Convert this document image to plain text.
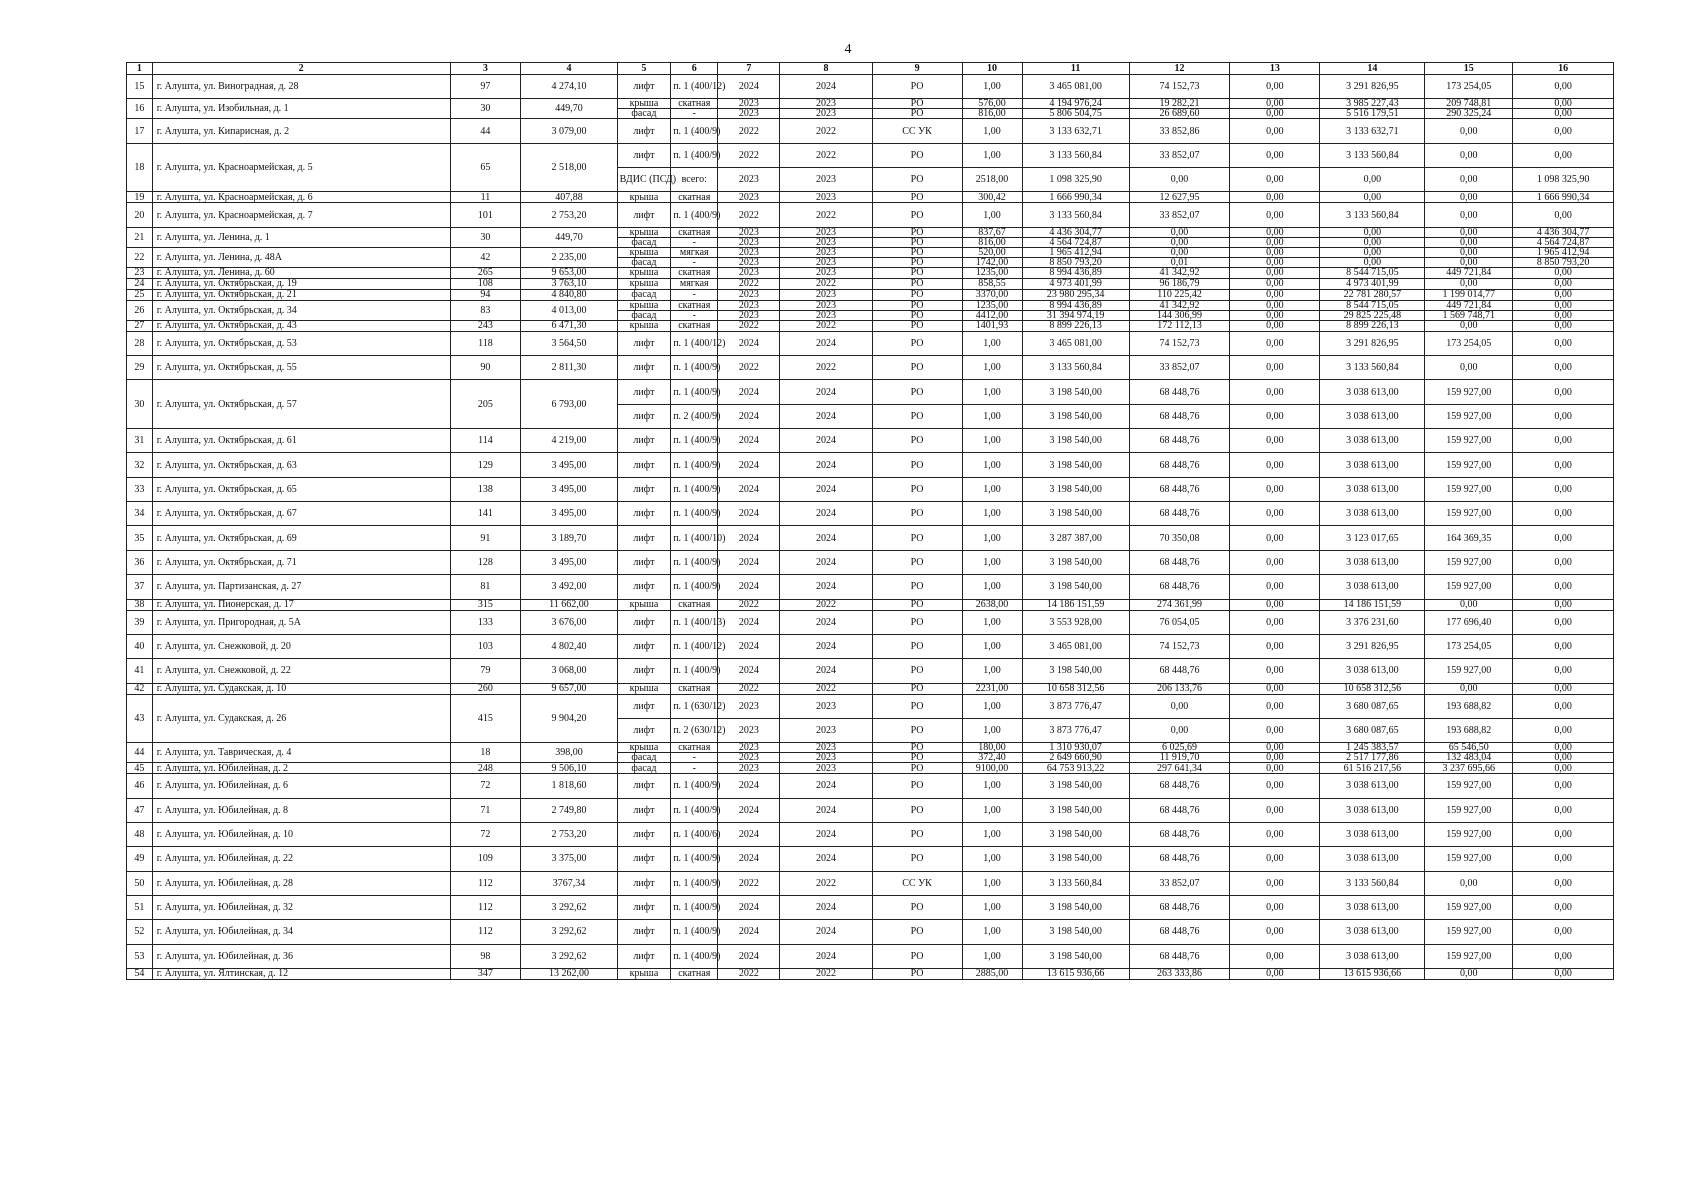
4
1	2	3	4	5	6	7	8	9	10	11	12	13	14	15	16
15	г. Алушта, ул. Виноградная, д. 28	97	4 274,10	лифт	п. 1 (400/12)	2024	2024	РО	1,00	3 465 081,00	74 152,73	0,00	3 291 826,95	173 254,05	0,00
16	г. Алушта, ул. Изобильная, д. 1	30	449,70	крыша	скатная	2023	2023	РО	576,00	4 194 976,24	19 282,21	0,00	3 985 227,43	209 748,81	0,00
				фасад	-	2023	2023	РО	816,00	5 806 504,75	26 689,60	0,00	5 516 179,51	290 325,24	0,00
17	г. Алушта, ул. Кипарисная, д. 2	44	3 079,00	лифт	п. 1 (400/9)	2022	2022	СС УК	1,00	3 133 632,71	33 852,86	0,00	3 133 632,71	0,00	0,00
18	г. Алушта, ул. Красноармейская, д. 5	65	2 518,00	лифт	п. 1 (400/9)	2022	2022	РО	1,00	3 133 560,84	33 852,07	0,00	3 133 560,84	0,00	0,00
				ВДИС (ПСД)	всего:	2023	2023	РО	2518,00	1 098 325,90	0,00	0,00	0,00	0,00	1 098 325,90
19	г. Алушта, ул. Красноармейская, д. 6	11	407,88	крыша	скатная	2023	2023	РО	300,42	1 666 990,34	12 627,95	0,00	0,00	0,00	1 666 990,34
20	г. Алушта, ул. Красноармейская, д. 7	101	2 753,20	лифт	п. 1 (400/9)	2022	2022	РО	1,00	3 133 560,84	33 852,07	0,00	3 133 560,84	0,00	0,00
21	г. Алушта, ул. Ленина, д. 1	30	449,70	крыша	скатная	2023	2023	РО	837,67	4 436 304,77	0,00	0,00	0,00	0,00	4 436 304,77
				фасад	-	2023	2023	РО	816,00	4 564 724,87	0,00	0,00	0,00	0,00	4 564 724,87
22	г. Алушта, ул. Ленина, д. 48А	42	2 235,00	крыша	мягкая	2023	2023	РО	520,00	1 965 412,94	0,00	0,00	0,00	0,00	1 965 412,94
				фасад	-	2023	2023	РО	1742,00	8 850 793,20	0,01	0,00	0,00	0,00	8 850 793,20
23	г. Алушта, ул. Ленина, д. 60	265	9 653,00	крыша	скатная	2023	2023	РО	1235,00	8 994 436,89	41 342,92	0,00	8 544 715,05	449 721,84	0,00
24	г. Алушта, ул. Октябрьская, д. 19	108	3 763,10	крыша	мягкая	2022	2022	РО	858,55	4 973 401,99	96 186,79	0,00	4 973 401,99	0,00	0,00
25	г. Алушта, ул. Октябрьская, д. 21	94	4 840,80	фасад	-	2023	2023	РО	3370,00	23 980 295,34	110 225,42	0,00	22 781 280,57	1 199 014,77	0,00
26	г. Алушта, ул. Октябрьская, д. 34	83	4 013,00	крыша	скатная	2023	2023	РО	1235,00	8 994 436,89	41 342,92	0,00	8 544 715,05	449 721,84	0,00
				фасад	-	2023	2023	РО	4412,00	31 394 974,19	144 306,99	0,00	29 825 225,48	1 569 748,71	0,00
27	г. Алушта, ул. Октябрьская, д. 43	243	6 471,30	крыша	скатная	2022	2022	РО	1401,93	8 899 226,13	172 112,13	0,00	8 899 226,13	0,00	0,00
28	г. Алушта, ул. Октябрьская, д. 53	118	3 564,50	лифт	п. 1 (400/12)	2024	2024	РО	1,00	3 465 081,00	74 152,73	0,00	3 291 826,95	173 254,05	0,00
29	г. Алушта, ул. Октябрьская, д. 55	90	2 811,30	лифт	п. 1 (400/9)	2022	2022	РО	1,00	3 133 560,84	33 852,07	0,00	3 133 560,84	0,00	0,00
30	г. Алушта, ул. Октябрьская, д. 57	205	6 793,00	лифт	п. 1 (400/9)	2024	2024	РО	1,00	3 198 540,00	68 448,76	0,00	3 038 613,00	159 927,00	0,00
				лифт	п. 2 (400/9)	2024	2024	РО	1,00	3 198 540,00	68 448,76	0,00	3 038 613,00	159 927,00	0,00
31	г. Алушта, ул. Октябрьская, д. 61	114	4 219,00	лифт	п. 1 (400/9)	2024	2024	РО	1,00	3 198 540,00	68 448,76	0,00	3 038 613,00	159 927,00	0,00
32	г. Алушта, ул. Октябрьская, д. 63	129	3 495,00	лифт	п. 1 (400/9)	2024	2024	РО	1,00	3 198 540,00	68 448,76	0,00	3 038 613,00	159 927,00	0,00
33	г. Алушта, ул. Октябрьская, д. 65	138	3 495,00	лифт	п. 1 (400/9)	2024	2024	РО	1,00	3 198 540,00	68 448,76	0,00	3 038 613,00	159 927,00	0,00
34	г. Алушта, ул. Октябрьская, д. 67	141	3 495,00	лифт	п. 1 (400/9)	2024	2024	РО	1,00	3 198 540,00	68 448,76	0,00	3 038 613,00	159 927,00	0,00
35	г. Алушта, ул. Октябрьская, д. 69	91	3 189,70	лифт	п. 1 (400/10)	2024	2024	РО	1,00	3 287 387,00	70 350,08	0,00	3 123 017,65	164 369,35	0,00
36	г. Алушта, ул. Октябрьская, д. 71	128	3 495,00	лифт	п. 1 (400/9)	2024	2024	РО	1,00	3 198 540,00	68 448,76	0,00	3 038 613,00	159 927,00	0,00
37	г. Алушта, ул. Партизанская, д. 27	81	3 492,00	лифт	п. 1 (400/9)	2024	2024	РО	1,00	3 198 540,00	68 448,76	0,00	3 038 613,00	159 927,00	0,00
38	г. Алушта, ул. Пионерская, д. 17	315	11 662,00	крыша	скатная	2022	2022	РО	2638,00	14 186 151,59	274 361,99	0,00	14 186 151,59	0,00	0,00
39	г. Алушта, ул. Пригородная, д. 5А	133	3 676,00	лифт	п. 1 (400/13)	2024	2024	РО	1,00	3 553 928,00	76 054,05	0,00	3 376 231,60	177 696,40	0,00
40	г. Алушта, ул. Снежковой, д. 20	103	4 802,40	лифт	п. 1 (400/12)	2024	2024	РО	1,00	3 465 081,00	74 152,73	0,00	3 291 826,95	173 254,05	0,00
41	г. Алушта, ул. Снежковой, д. 22	79	3 068,00	лифт	п. 1 (400/9)	2024	2024	РО	1,00	3 198 540,00	68 448,76	0,00	3 038 613,00	159 927,00	0,00
42	г. Алушта, ул. Судакская, д. 10	260	9 657,00	крыша	скатная	2022	2022	РО	2231,00	10 658 312,56	206 133,76	0,00	10 658 312,56	0,00	0,00
43	г. Алушта, ул. Судакская, д. 26	415	9 904,20	лифт	п. 1 (630/12)	2023	2023	РО	1,00	3 873 776,47	0,00	0,00	3 680 087,65	193 688,82	0,00
				лифт	п. 2 (630/12)	2023	2023	РО	1,00	3 873 776,47	0,00	0,00	3 680 087,65	193 688,82	0,00
44	г. Алушта, ул. Таврическая, д. 4	18	398,00	крыша	скатная	2023	2023	РО	180,00	1 310 930,07	6 025,69	0,00	1 245 383,57	65 546,50	0,00
				фасад	-	2023	2023	РО	372,40	2 649 660,90	11 919,70	0,00	2 517 177,86	132 483,04	0,00
45	г. Алушта, ул. Юбилейная, д. 2	248	9 506,10	фасад	-	2023	2023	РО	9100,00	64 753 913,22	297 641,34	0,00	61 516 217,56	3 237 695,66	0,00
46	г. Алушта, ул. Юбилейная, д. 6	72	1 818,60	лифт	п. 1 (400/9)	2024	2024	РО	1,00	3 198 540,00	68 448,76	0,00	3 038 613,00	159 927,00	0,00
47	г. Алушта, ул. Юбилейная, д. 8	71	2 749,80	лифт	п. 1 (400/9)	2024	2024	РО	1,00	3 198 540,00	68 448,76	0,00	3 038 613,00	159 927,00	0,00
48	г. Алушта, ул. Юбилейная, д. 10	72	2 753,20	лифт	п. 1 (400/6)	2024	2024	РО	1,00	3 198 540,00	68 448,76	0,00	3 038 613,00	159 927,00	0,00
49	г. Алушта, ул. Юбилейная, д. 22	109	3 375,00	лифт	п. 1 (400/9)	2024	2024	РО	1,00	3 198 540,00	68 448,76	0,00	3 038 613,00	159 927,00	0,00
50	г. Алушта, ул. Юбилейная, д. 28	112	3767,34	лифт	п. 1 (400/9)	2022	2022	СС УК	1,00	3 133 560,84	33 852,07	0,00	3 133 560,84	0,00	0,00
51	г. Алушта, ул. Юбилейная, д. 32	112	3 292,62	лифт	п. 1 (400/9)	2024	2024	РО	1,00	3 198 540,00	68 448,76	0,00	3 038 613,00	159 927,00	0,00
52	г. Алушта, ул. Юбилейная, д. 34	112	3 292,62	лифт	п. 1 (400/9)	2024	2024	РО	1,00	3 198 540,00	68 448,76	0,00	3 038 613,00	159 927,00	0,00
53	г. Алушта, ул. Юбилейная, д. 36	98	3 292,62	лифт	п. 1 (400/9)	2024	2024	РО	1,00	3 198 540,00	68 448,76	0,00	3 038 613,00	159 927,00	0,00
54	г. Алушта, ул. Ялтинская, д. 12	347	13 262,00	крыша	скатная	2022	2022	РО	2885,00	13 615 936,66	263 333,86	0,00	13 615 936,66	0,00	0,00
